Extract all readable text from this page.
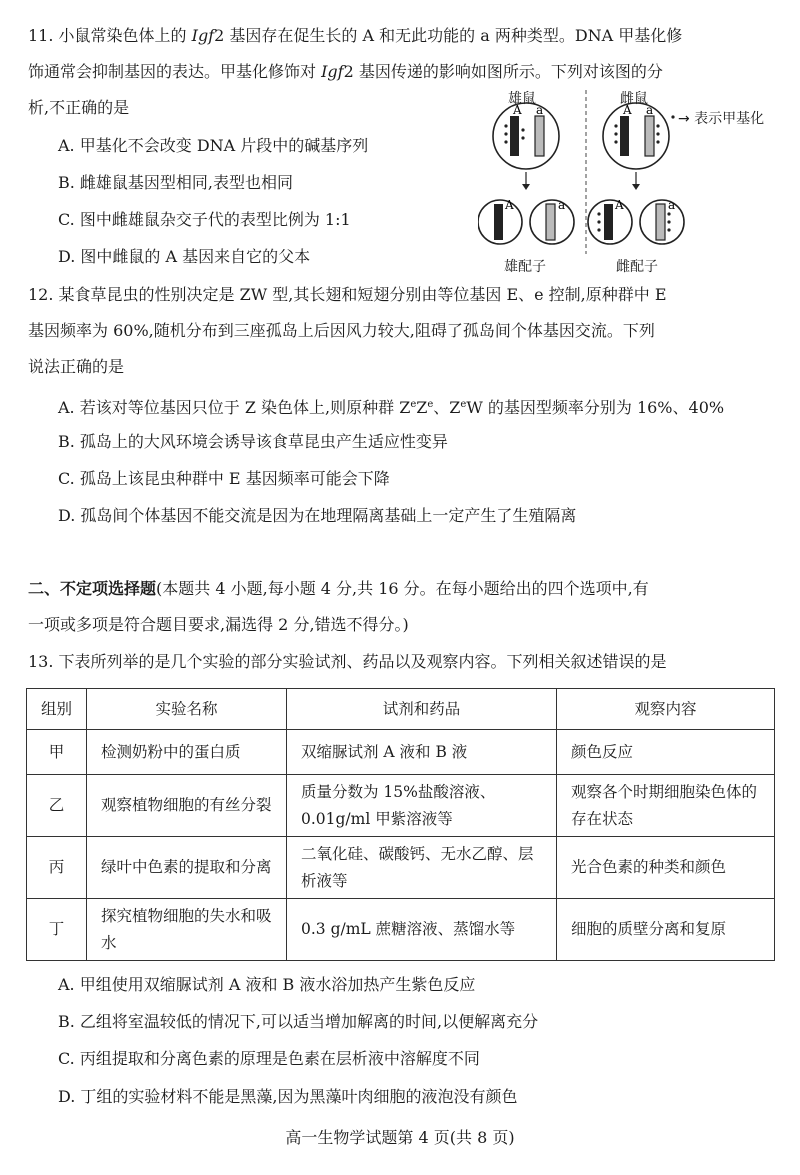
11. 小鼠常染色体上的 Igf2 基因存在促生长的 A 和无此功能的 a 两种类型。DNA 甲基化修
饰通常会抑制基因的表达。甲基化修饰对 Igf2 基因传递的影响如图所示。下列对该图的分
析,不正确的是
A. 甲基化不会改变 DNA 片段中的碱基序列
B. 雌雄鼠基因型相同,表型也相同
C. 图中雌雄鼠杂交子代的表型比例为 1:1
D. 图中雌鼠的 A 基因来自它的父本
雄鼠	雌鼠
→ 表示甲基化
雄配子	雌配子
A a	A a
A	a	A	a
12. 某食草昆虫的性别决定是 ZW 型,其长翅和短翅分别由等位基因 E、e 控制,原种群中 E
基因频率为 60%,随机分布到三座孤岛上后因风力较大,阻碍了孤岛间个体基因交流。下列
说法正确的是
A. 若该对等位基因只位于 Z 染色体上,则原种群 $Z^eZ^e$、$Z^eW$ 的基因型频率分别为 16%、40%
B. 孤岛上的大风环境会诱导该食草昆虫产生适应性变异
C. 孤岛上该昆虫种群中 E 基因频率可能会下降
D. 孤岛间个体基因不能交流是因为在地理隔离基础上一定产生了生殖隔离
二、不定项选择题(本题共 4 小题,每小题 4 分,共 16 分。在每小题给出的四个选项中,有
一项或多项是符合题目要求,漏选得 2 分,错选不得分。)
13. 下表所列举的是几个实验的部分实验试剂、药品以及观察内容。下列相关叙述错误的是
组别	实验名称	试剂和药品	观察内容
甲	检测奶粉中的蛋白质	双缩脲试剂 A 液和 B 液	颜色反应
乙	观察植物细胞的有丝分裂	质量分数为 15%盐酸溶液、0.01g/ml 甲紫溶液等	观察各个时期细胞染色体的存在状态
丙	绿叶中色素的提取和分离	二氧化硅、碳酸钙、无水乙醇、层析液等	光合色素的种类和颜色
丁	探究植物细胞的失水和吸水	0.3 g/mL 蔗糖溶液、蒸馏水等	细胞的质壁分离和复原
A. 甲组使用双缩脲试剂 A 液和 B 液水浴加热产生紫色反应
B. 乙组将室温较低的情况下,可以适当增加解离的时间,以便解离充分
C. 丙组提取和分离色素的原理是色素在层析液中溶解度不同
D. 丁组的实验材料不能是黑藻,因为黑藻叶肉细胞的液泡没有颜色
高一生物学试题第 4 页(共 8 页)
